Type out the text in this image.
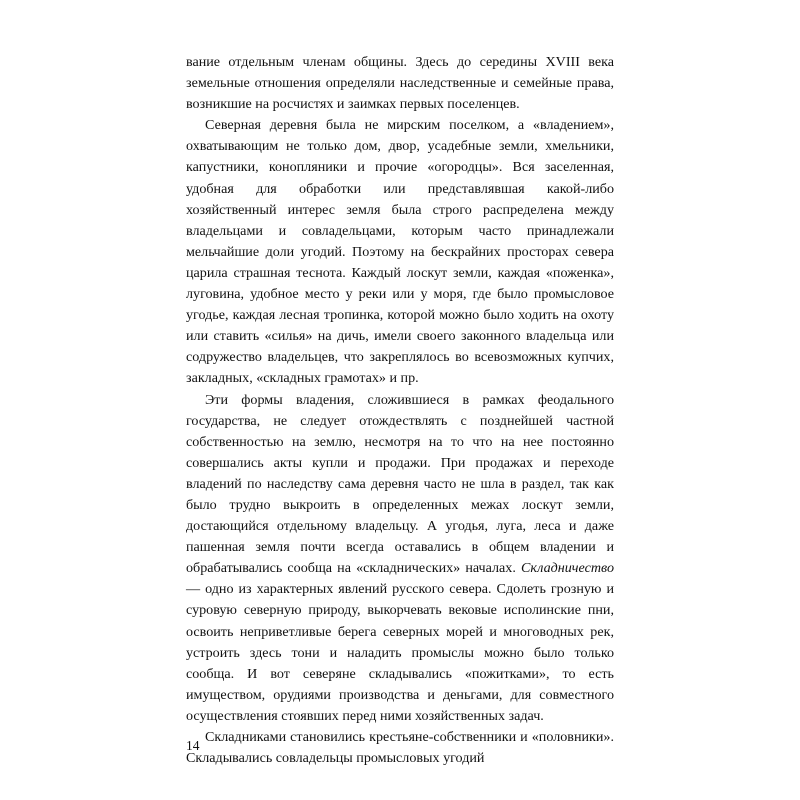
вание отдельным членам общины. Здесь до середины XVIII века земельные отношения определяли наследственные и семейные права, возникшие на росчистях и заимках первых поселенцев.

Северная деревня была не мирским поселком, а «владением», охватывающим не только дом, двор, усадебные земли, хмельники, капустники, конопляники и прочие «огородцы». Вся заселенная, удобная для обработки или представлявшая какой-либо хозяйственный интерес земля была строго распределена между владельцами и совладельцами, которым часто принадлежали мельчайшие доли угодий. Поэтому на бескрайних просторах севера царила страшная теснота. Каждый лоскут земли, каждая «поженка», луговина, удобное место у реки или у моря, где было промысловое угодье, каждая лесная тропинка, которой можно было ходить на охоту или ставить «силья» на дичь, имели своего законного владельца или содружество владельцев, что закреплялось во всевозможных купчих, закладных, «складных грамотах» и пр.

Эти формы владения, сложившиеся в рамках феодального государства, не следует отождествлять с позднейшей частной собственностью на землю, несмотря на то что на нее постоянно совершались акты купли и продажи. При продажах и переходе владений по наследству сама деревня часто не шла в раздел, так как было трудно выкроить в определенных межах лоскут земли, достающийся отдельному владельцу. А угодья, луга, леса и даже пашенная земля почти всегда оставались в общем владении и обрабатывались сообща на «складнических» началах. Складничество — одно из характерных явлений русского севера. Сдолеть грозную и суровую северную природу, выкорчевать вековые исполинские пни, освоить неприветливые берега северных морей и многоводных рек, устроить здесь тони и наладить промыслы можно было только сообща. И вот северяне складывались «пожитками», то есть имуществом, орудиями производства и деньгами, для совместного осуществления стоявших перед ними хозяйственных задач.

Складниками становились крестьяне-собственники и «половники». Складывались совладельцы промысловых угодий

14
